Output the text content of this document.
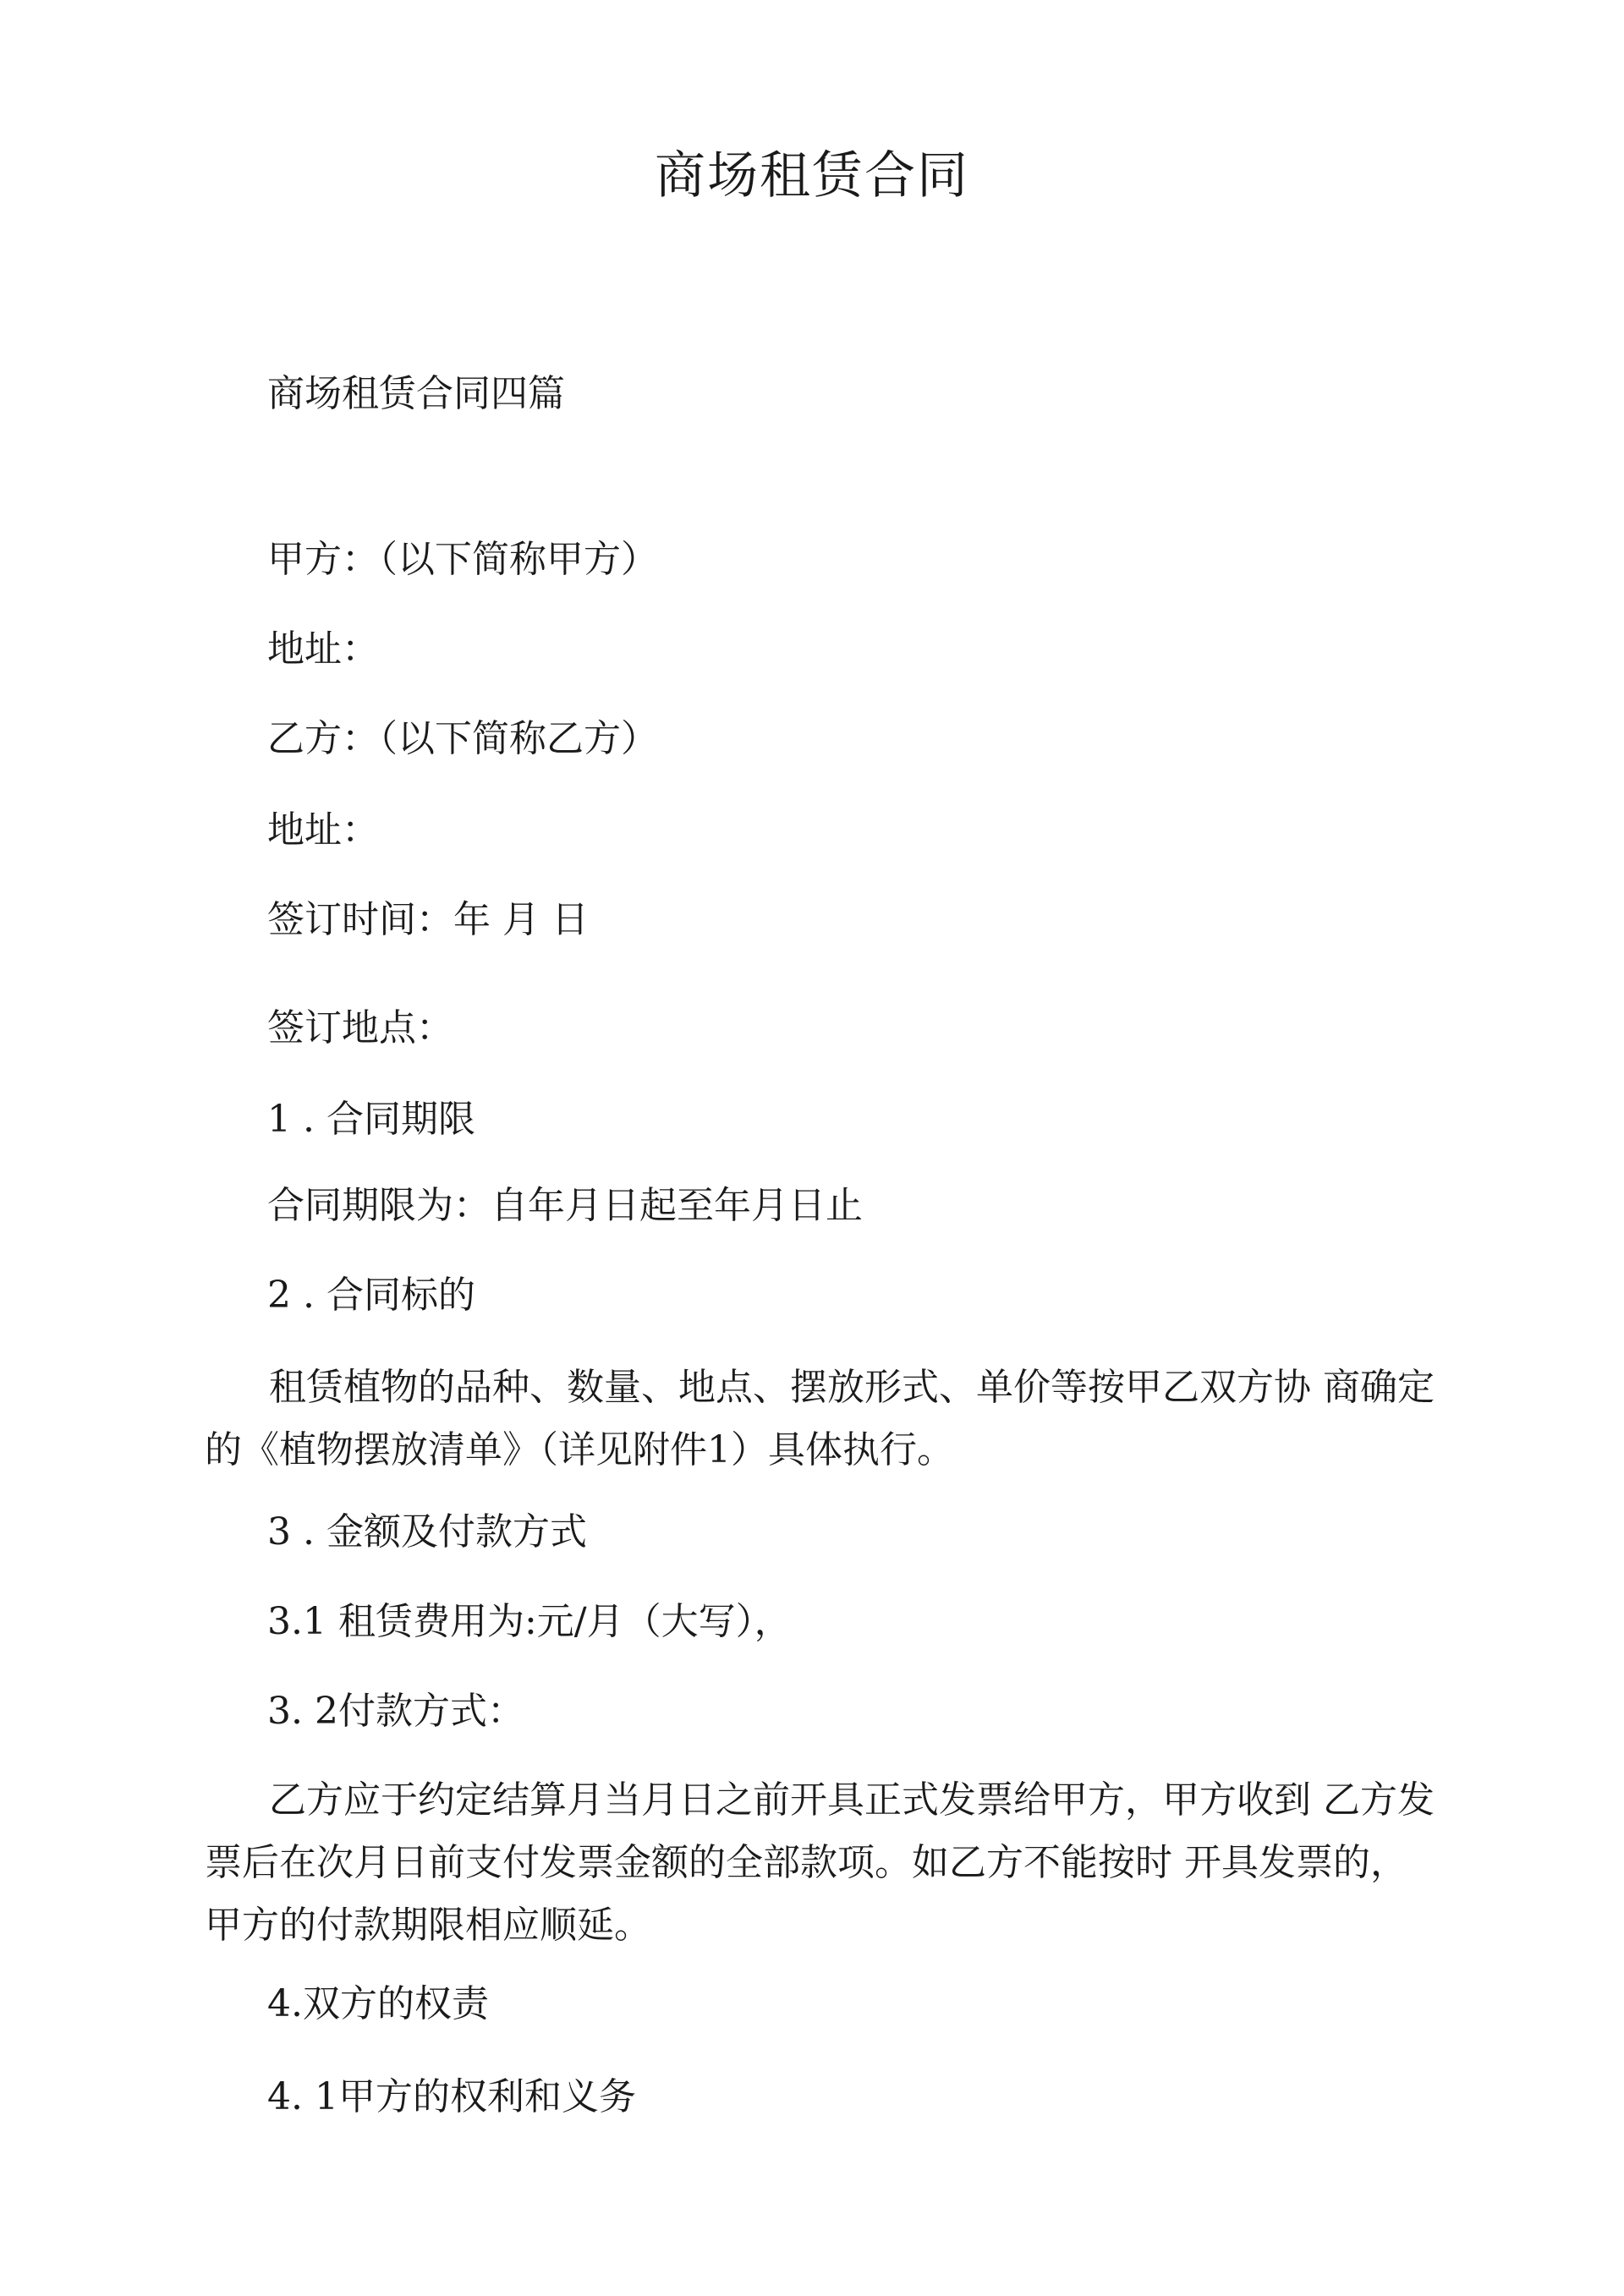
商场租赁合同
商场租赁合同四篇
甲方：（以下简称甲方）
地址：
乙方：（以下简称乙方）
地址：
签订时间：年 月 日
签订地点：
1 . 合同期限
合同期限为：自年月日起至年月日止
2 . 合同标的
租赁植物的品种、数量、地点、摆放形式、单价等按甲乙双方协 商确定的《植物摆放清单》（详见附件1）具体执行。
3 . 金额及付款方式
3.1 租赁费用为:元/月（大写），
3. 2付款方式：
乙方应于约定结算月当月日之前开具正式发票给甲方，甲方收到 乙方发票后在次月日前支付发票金额的全部款项。如乙方不能按时 开具发票的，甲方的付款期限相应顺延。
4.双方的权责
4. 1甲方的权利和义务
